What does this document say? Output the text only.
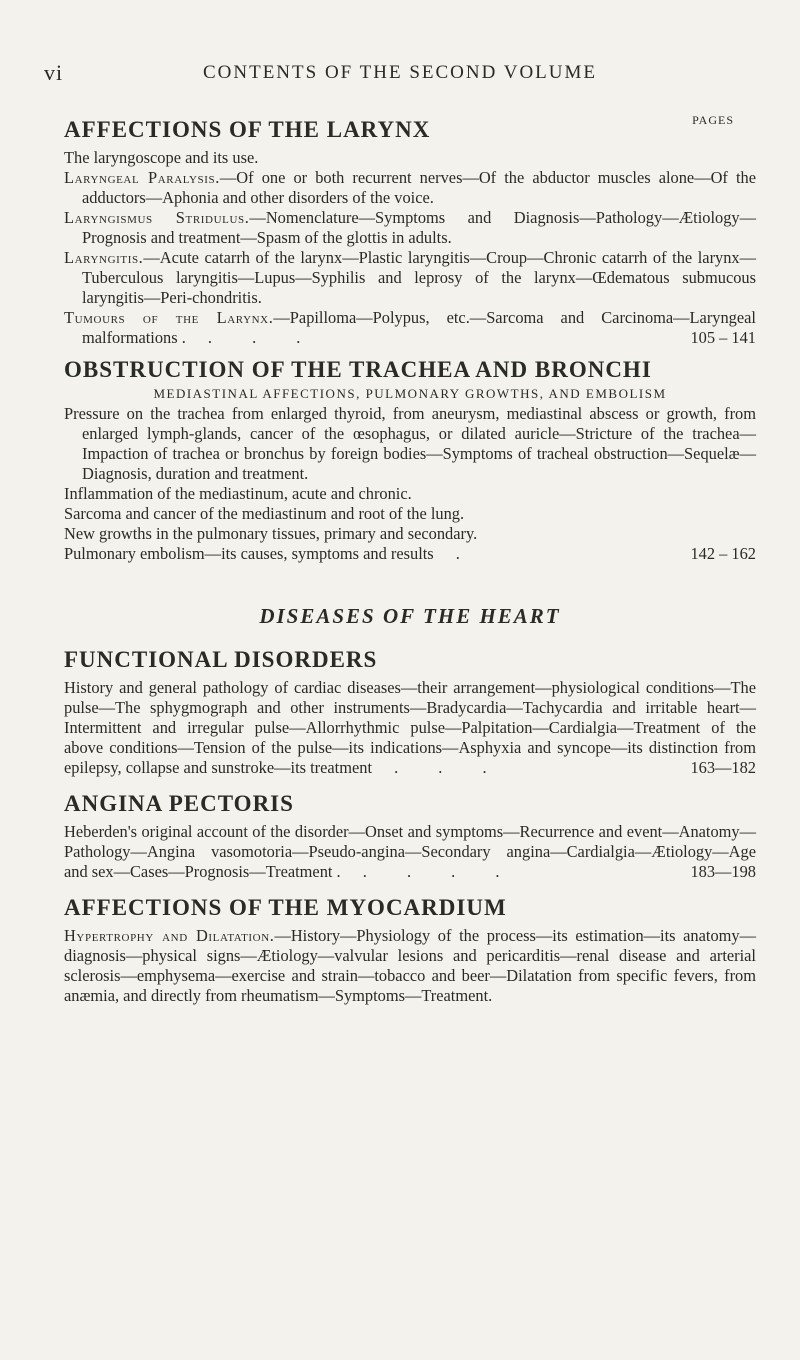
vi	CONTENTS OF THE SECOND VOLUME
PAGES
AFFECTIONS OF THE LARYNX

The laryngoscope and its use.

Laryngeal Paralysis.—Of one or both recurrent nerves—Of the abductor muscles alone—Of the adductors—Aphonia and other disorders of the voice.

Laryngismus Stridulus.—Nomenclature—Symptoms and Diagnosis—Pathology—Ætiology—Prognosis and treatment—Spasm of the glottis in adults.

Laryngitis.—Acute catarrh of the larynx—Plastic laryngitis—Croup—Chronic catarrh of the larynx—Tuberculous laryngitis—Lupus—Syphilis and leprosy of the larynx—Œdematous submucous laryngitis—Peri-chondritis.

Tumours of the Larynx.—Papilloma—Polypus, etc.—Sarcoma and Carcinoma—Laryngeal malformations . . . .	105 – 141

OBSTRUCTION OF THE TRACHEA AND BRONCHI

MEDIASTINAL AFFECTIONS, PULMONARY GROWTHS, AND EMBOLISM

Pressure on the trachea from enlarged thyroid, from aneurysm, mediastinal abscess or growth, from enlarged lymph-glands, cancer of the œsophagus, or dilated auricle—Stricture of the trachea—Impaction of trachea or bronchus by foreign bodies—Symptoms of tracheal obstruction—Sequelæ—Diagnosis, duration and treatment.

Inflammation of the mediastinum, acute and chronic.

Sarcoma and cancer of the mediastinum and root of the lung.

New growths in the pulmonary tissues, primary and secondary.

Pulmonary embolism—its causes, symptoms and results .	142 – 162

DISEASES OF THE HEART
FUNCTIONAL DISORDERS

History and general pathology of cardiac diseases—their arrangement—physiological conditions—The pulse—The sphygmograph and other instruments—Bradycardia—Tachycardia and irritable heart—Intermittent and irregular pulse—Allorrhythmic pulse—Palpitation—Cardialgia—Treatment of the above conditions—Tension of the pulse—its indications—Asphyxia and syncope—its distinction from epilepsy, collapse and sunstroke—its treatment . . .	163—182

ANGINA PECTORIS

Heberden's original account of the disorder—Onset and symptoms—Recurrence and event—Anatomy—Pathology—Angina vasomotoria—Pseudo-angina—Secondary angina—Cardialgia—Ætiology—Age and sex—Cases—Prognosis—Treatment . . . . .	183—198

AFFECTIONS OF THE MYOCARDIUM

Hypertrophy and Dilatation.—History—Physiology of the process—its estimation—its anatomy—diagnosis—physical signs—Ætiology—valvular lesions and pericarditis—renal disease and arterial sclerosis—emphysema—exercise and strain—tobacco and beer—Dilatation from specific fevers, from anæmia, and directly from rheumatism—Symptoms—Treatment.
